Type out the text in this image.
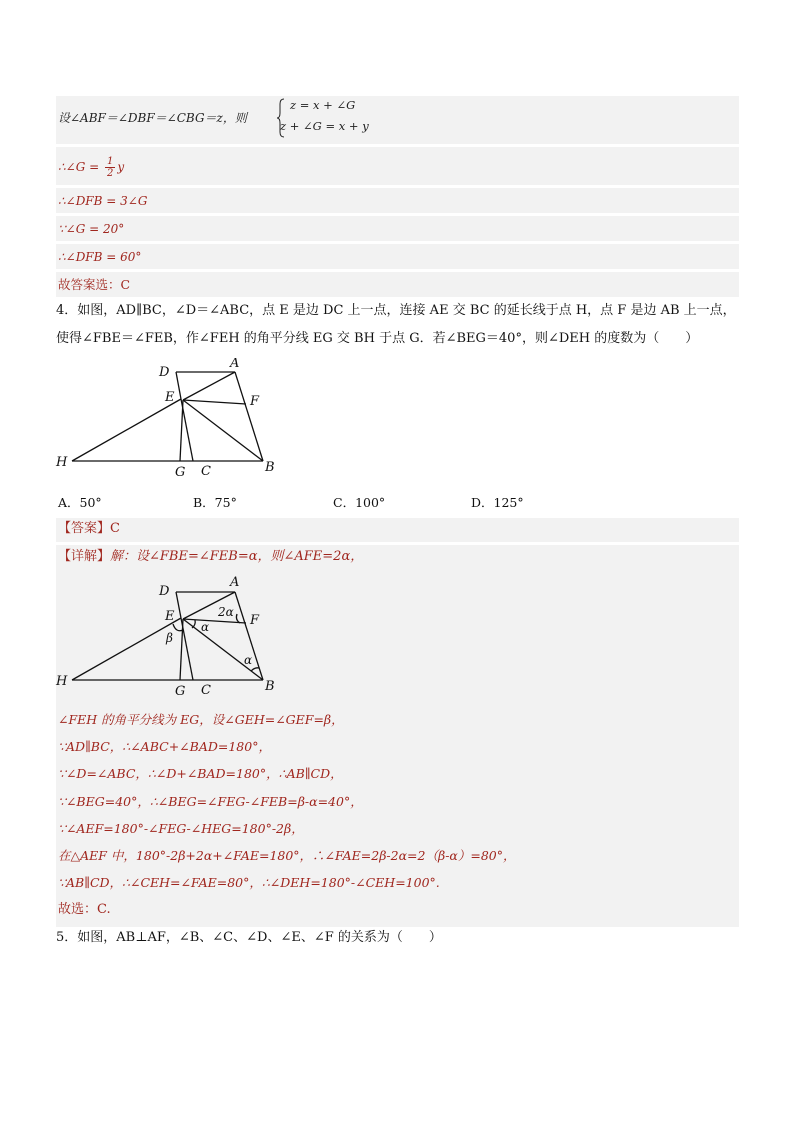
设∠ABF＝∠DBF＝∠CBG＝z，则
z = x + ∠G
z + ∠G = x + y
∴∠G = $\frac{1}{2}$ y
∴∠DFB = 3∠G
∵∠G = 20°
∴∠DFB = 60°
故答案选：C
4．如图，AD∥BC，∠D＝∠ABC，点 E 是边 DC 上一点，连接 AE 交 BC 的延长线于点 H，点 F 是边 AB 上一点，
使得∠FBE＝∠FEB，作∠FEH 的角平分线 EG 交 BH 于点 G．若∠BEG＝40°，则∠DEH 的度数为（　　）
D
A
E	F
H
G C	B
A．50°	B．75°	C．100°	D．125°
【答案】C
【详解】解：设∠FBE=∠FEB=α，则∠AFE=2α，
D
A
E	F
H
G C	B
2α
α
β
α
∠FEH 的角平分线为 EG，设∠GEH=∠GEF=β，
∵AD∥BC，∴∠ABC+∠BAD=180°，
∵∠D=∠ABC，∴∠D+∠BAD=180°，∴AB∥CD，
∵∠BEG=40°，∴∠BEG=∠FEG-∠FEB=β-α=40°，
∵∠AEF=180°-∠FEG-∠HEG=180°-2β，
在△AEF 中，180°-2β+2α+∠FAE=180°，∴∠FAE=2β-2α=2（β-α）=80°，
∵AB∥CD，∴∠CEH=∠FAE=80°，∴∠DEH=180°-∠CEH=100°.
故选：C.
5．如图，AB⊥AF，∠B、∠C、∠D、∠E、∠F 的关系为（　　）
